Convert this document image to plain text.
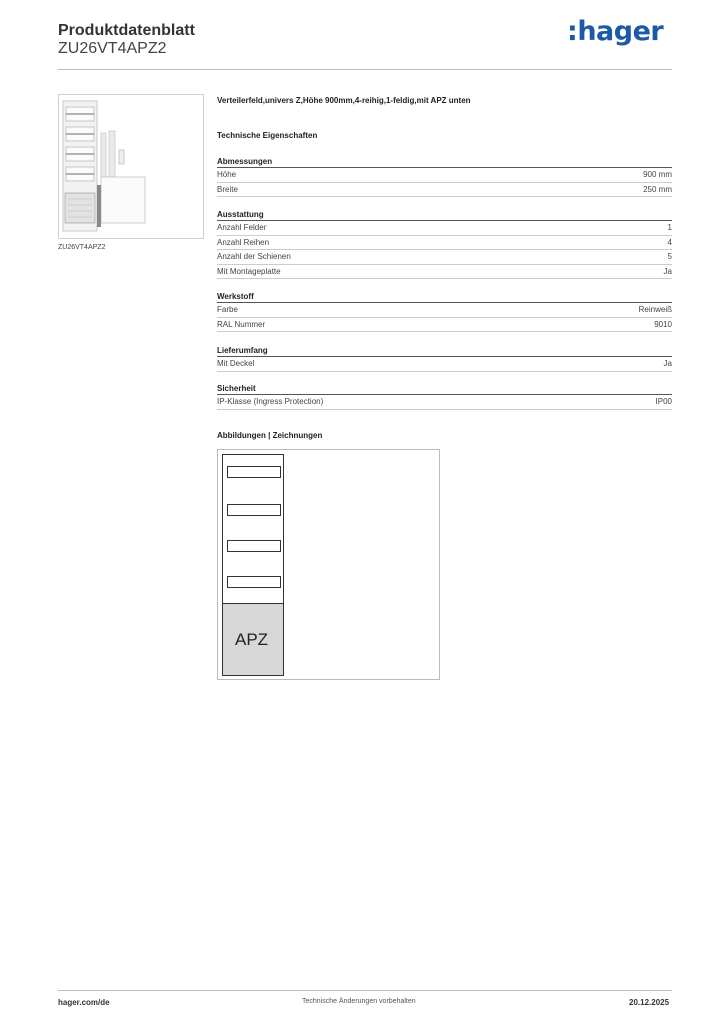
Produktdatenblatt
ZU26VT4APZ2
:hager
ZU26VT4APZ2
Verteilerfeld,univers Z,Höhe 900mm,4-reihig,1-feldig,mit APZ unten
Technische Eigenschaften
Abmessungen
Höhe	900 mm
Breite	250 mm
Ausstattung
Anzahl Felder	1
Anzahl Reihen	4
Anzahl der Schienen	5
Mit Montageplatte	Ja
Werkstoff
Farbe	Reinweiß
RAL Nummer	9010
Lieferumfang
Mit Deckel	Ja
Sicherheit
IP-Klasse (Ingress Protection)	IP00
Abbildungen | Zeichnungen
APZ
hager.com/de	Technische Änderungen vorbehalten	20.12.2025
